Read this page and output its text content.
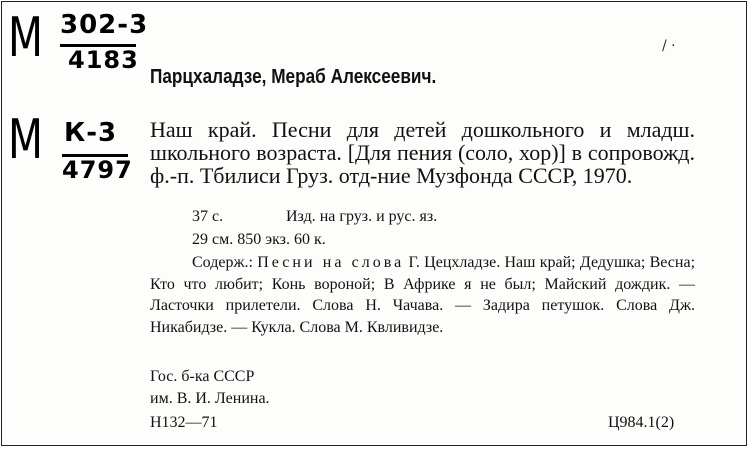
М 302-3
4183
М К-3
4797
/ ·
Парцхаладзе, Мераб Алексеевич.
Наш край. Песни для детей дошкольного и младш. школьного возраста. [Для пения (соло, хор)] в сопровожд. ф.-п. Тбилиси Груз. отд-ние Музфонда СССР, 1970.
37 с.	Изд. на груз. и рус. яз.
29 см. 850 экз. 60 к.
Содерж.: Песни на слова Г. Цецхладзе. Наш край; Дедушка; Весна; Кто что любит; Конь вороной; В Африке я не был; Майский дождик. — Ласточки прилетели. Слова Н. Чачава. — Задира петушок. Слова Дж. Никабидзе. — Кукла. Слова М. Квливидзе.
Гос. б-ка СССР
им. В. И. Ленина.
Н132—71	Ц984.1(2)
